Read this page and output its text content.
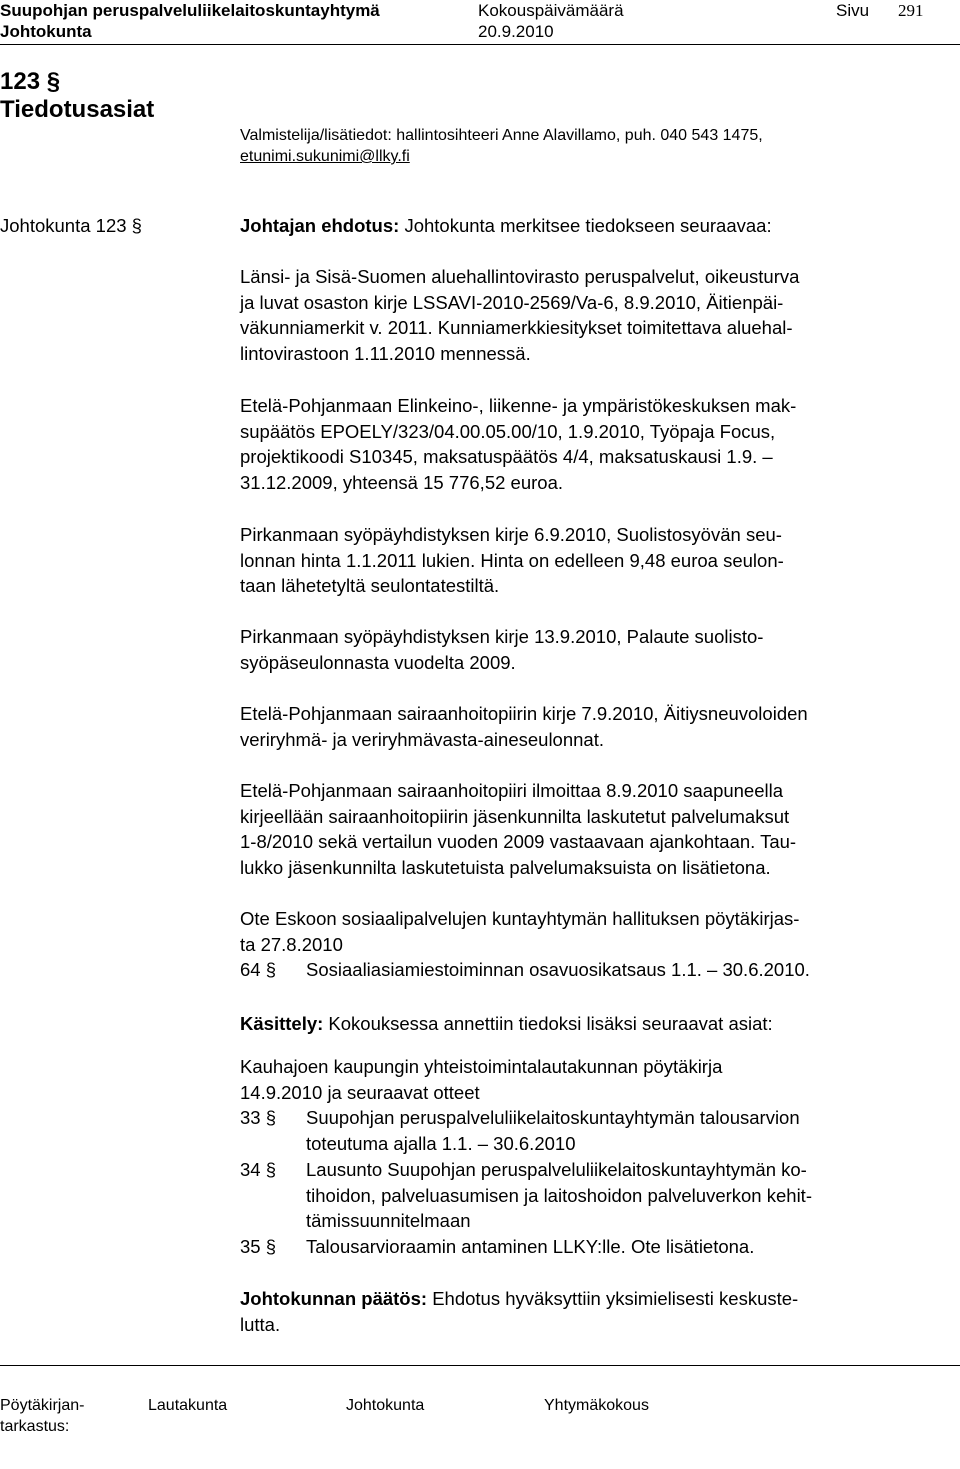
Suupohjan peruspalveluliikelaitoskuntayhtymä	Kokouspäivämäärä	Sivu 291
Johtokunta	20.9.2010
123 §
Tiedotusasiat
Valmistelija/lisätiedot: hallintosihteeri Anne Alavillamo, puh. 040 543 1475,
etunimi.sukunimi@llky.fi
Johtokunta 123 §	Johtajan ehdotus: Johtokunta merkitsee tiedokseen seuraavaa:
Länsi- ja Sisä-Suomen aluehallintovirasto peruspalvelut, oikeusturva
ja luvat osaston kirje LSSAVI-2010-2569/Va-6, 8.9.2010, Äitienpäi-
väkunniamerkit v. 2011. Kunniamerkkiesitykset toimitettava aluehal-
lintovirastoon 1.11.2010 mennessä.
Etelä-Pohjanmaan Elinkeino-, liikenne- ja ympäristökeskuksen mak-
supäätös EPOELY/323/04.00.05.00/10, 1.9.2010, Työpaja Focus,
projektikoodi S10345, maksatuspäätös 4/4, maksatuskausi 1.9. –
31.12.2009, yhteensä 15 776,52 euroa.
Pirkanmaan syöpäyhdistyksen kirje 6.9.2010, Suolistosyövän seu-
lonnan hinta 1.1.2011 lukien. Hinta on edelleen 9,48 euroa seulon-
taan lähetetyltä seulontatestiltä.
Pirkanmaan syöpäyhdistyksen kirje 13.9.2010, Palaute suolisto-
syöpäseulonnasta vuodelta 2009.
Etelä-Pohjanmaan sairaanhoitopiirin kirje 7.9.2010, Äitiysneuvoloiden
veriryhmä- ja veriryhmävasta-aineseulonnat.
Etelä-Pohjanmaan sairaanhoitopiiri ilmoittaa 8.9.2010 saapuneella
kirjeellään sairaanhoitopiirin jäsenkunnilta laskutetut palvelumaksut
1-8/2010 sekä vertailun vuoden 2009 vastaavaan ajankohtaan. Tau-
lukko jäsenkunnilta laskutetuista palvelumaksuista on lisätietona.
Ote Eskoon sosiaalipalvelujen kuntayhtymän hallituksen pöytäkirjas-
ta 27.8.2010
64 § Sosiaaliasiamiestoiminnan osavuosikatsaus 1.1. – 30.6.2010.
Käsittely: Kokouksessa annettiin tiedoksi lisäksi seuraavat asiat:
Kauhajoen kaupungin yhteistoimintalautakunnan pöytäkirja
14.9.2010 ja seuraavat otteet
33 § Suupohjan peruspalveluliikelaitoskuntayhtymän talousarvion
toteutuma ajalla 1.1. – 30.6.2010
34 § Lausunto Suupohjan peruspalveluliikelaitoskuntayhtymän ko-
tihoidon, palveluasumisen ja laitoshoidon palveluverkon kehit-
tämissuunnitelmaan
35 § Talousarvioraamin antaminen LLKY:lle. Ote lisätietona.
Johtokunnan päätös: Ehdotus hyväksyttiin yksimielisesti keskuste-
lutta.
Pöytäkirjan-
tarkastus:
Lautakunta	Johtokunta	Yhtymäkokous
